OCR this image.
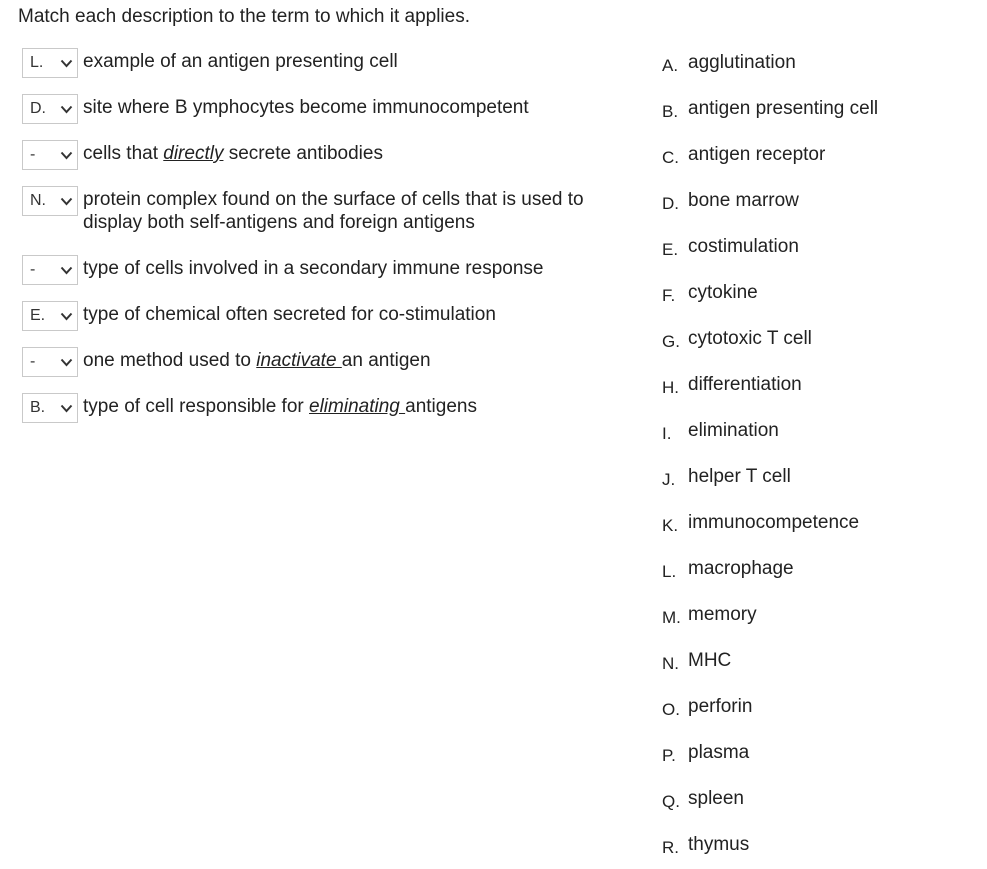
Match each description to the term to which it applies.
L. example of an antigen presenting cell
D. site where B ymphocytes become immunocompetent
-	cells that directly secrete antibodies
N. protein complex found on the surface of cells that is used to display both self-antigens and foreign antigens
-	type of cells involved in a secondary immune response
E. type of chemical often secreted for co-stimulation
-	one method used to inactivate an antigen
B. type of cell responsible for eliminating antigens
A. agglutination
B. antigen presenting cell
C. antigen receptor
D. bone marrow
E. costimulation
F. cytokine
G. cytotoxic T cell
H. differentiation
I. elimination
J. helper T cell
K. immunocompetence
L. macrophage
M. memory
N. MHC
O. perforin
P. plasma
Q. spleen
R. thymus
